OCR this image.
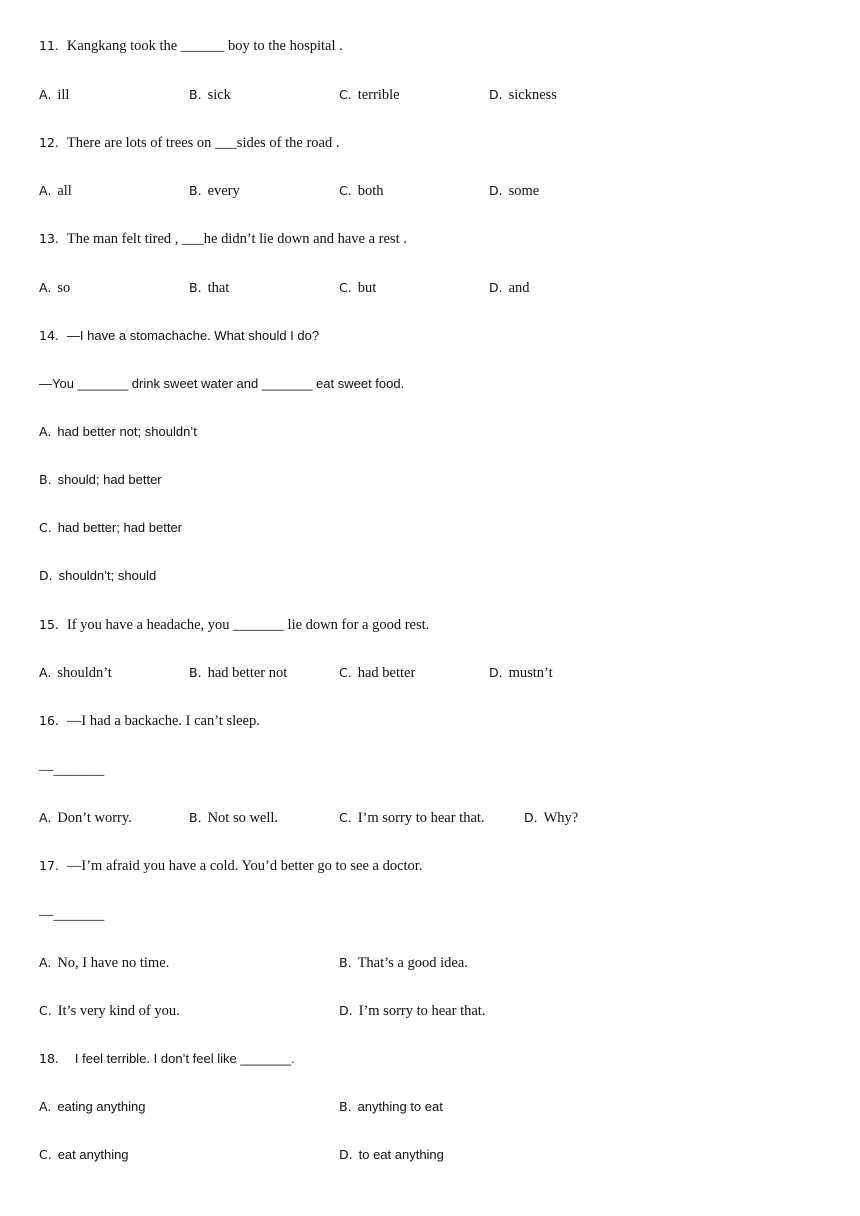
11. Kangkang took the ______ boy to the hospital .
A. ill	B. sick	C. terrible	D. sickness
12. There are lots of trees on ___sides of the road .
A. all	B. every	C. both	D. some
13. The man felt tired , ___he didn’t lie down and have a rest .
A. so	B. that	C. but	D. and
14. —I have a stomachache. What should I do?
—You _______ drink sweet water and _______ eat sweet food.
A. had better not; shouldn’t
B. should; had better
C. had better; had better
D. shouldn’t; should
15. If you have a headache, you _______ lie down for a good rest.
A. shouldn’t	B. had better not	C. had better	D. mustn’t
16. —I had a backache. I can’t sleep.
—_______
A. Don’t worry.	B. Not so well.	C. I’m sorry to hear that.	D. Why?
17. —I’m afraid you have a cold. You’d better go to see a doctor.
—_______
A. No, I have no time.	B. That’s a good idea.
C. It’s very kind of you.	D. I’m sorry to hear that.
18. I feel terrible. I don’t feel like _______.
A. eating anything	B. anything to eat
C. eat anything	D. to eat anything
